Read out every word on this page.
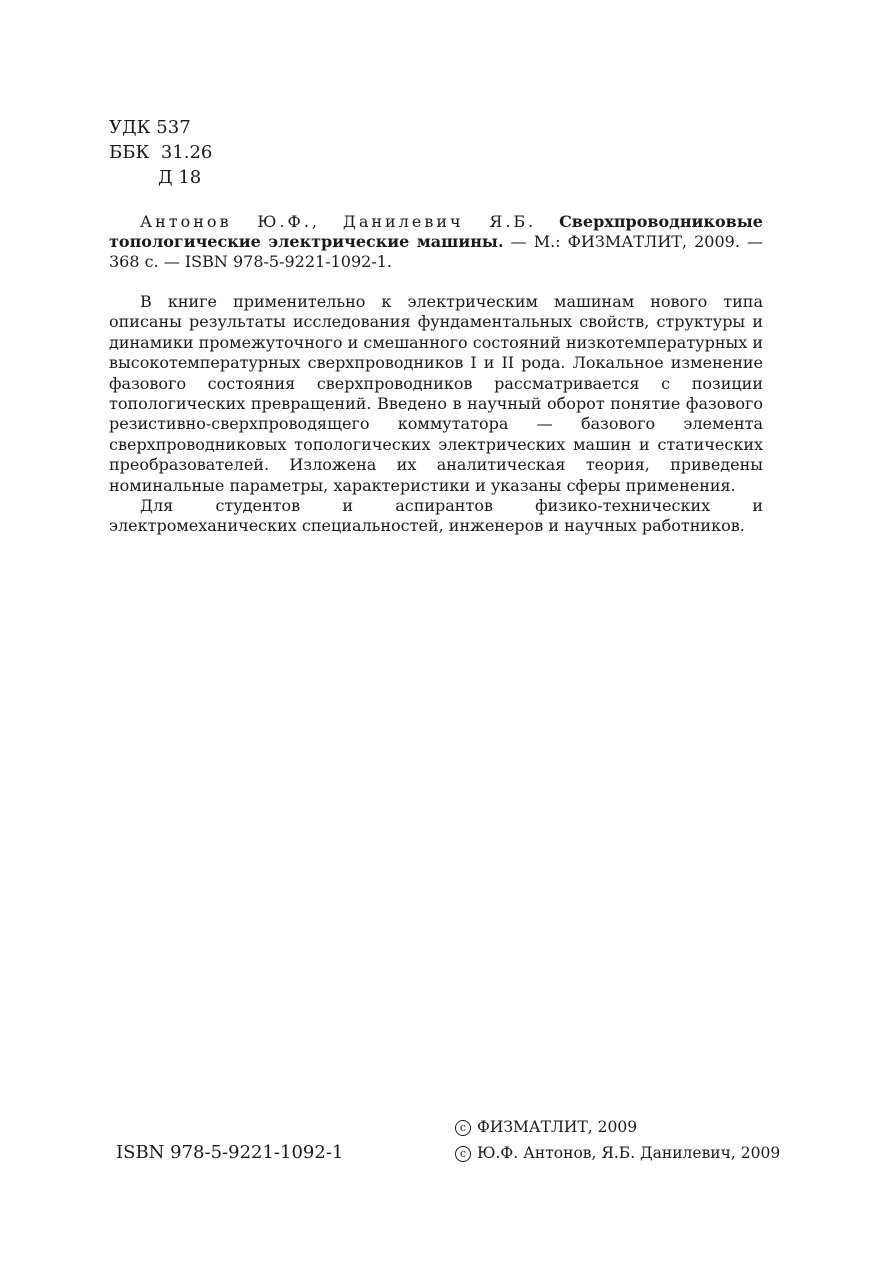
УДК 537
ББК  31.26
Д 18
Антонов Ю.Ф., Данилевич Я.Б. Сверхпроводниковые топологические электрические машины. — М.: ФИЗМАТЛИТ, 2009. — 368 с. — ISBN 978-5-9221-1092-1.

В книге применительно к электрическим машинам нового типа описаны результаты исследования фундаментальных свойств, структуры и динамики промежуточного и смешанного состояний низкотемпературных и высокотемпературных сверхпроводников I и II рода. Локальное изменение фазового состояния сверхпроводников рассматривается с позиции топологических превращений. Введено в научный оборот понятие фазового резистивно-сверхпроводящего коммутатора — базового элемента сверхпроводниковых топологических электрических машин и статических преобразователей. Изложена их аналитическая теория, приведены номинальные параметры, характеристики и указаны сферы применения.

Для студентов и аспирантов физико-технических и электромеханических специальностей, инженеров и научных работников.

ISBN 978-5-9221-1092-1
c ФИЗМАТЛИТ, 2009
c Ю.Ф. Антонов, Я.Б. Данилевич, 2009
